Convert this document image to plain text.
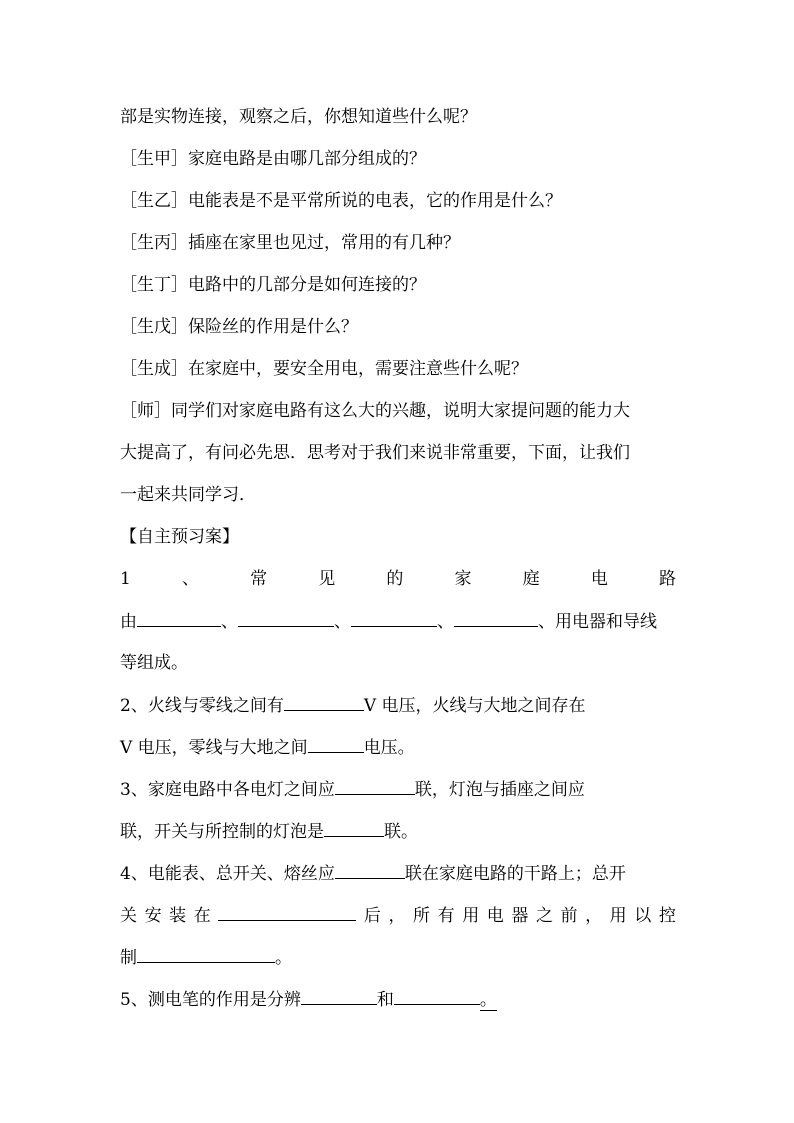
部是实物连接，观察之后，你想知道些什么呢？
［生甲］家庭电路是由哪几部分组成的？
［生乙］电能表是不是平常所说的电表，它的作用是什么？
［生丙］插座在家里也见过，常用的有几种？
［生丁］电路中的几部分是如何连接的？
［生戊］保险丝的作用是什么？
［生成］在家庭中，要安全用电，需要注意些什么呢？
［师］同学们对家庭电路有这么大的兴趣，说明大家提问题的能力大
大提高了，有问必先思．思考对于我们来说非常重要，下面，让我们
一起来共同学习．
【自主预习案】
1	、	常	见	的	家	庭	电	路
由	、	、	、	、用电器和导线
等组成。
2、火线与零线之间有	V 电压，火线与大地之间存在
V 电压，零线与大地之间	电压。
3、家庭电路中各电灯之间应	联，灯泡与插座之间应
联，开关与所控制的灯泡是	联。
4、电能表、总开关、熔丝应	联在家庭电路的干路上；总开
关 安 装 在	后 ， 所 有 用 电 器 之 前 ， 用 以 控
制	。
5、测电笔的作用是分辨	和	。
